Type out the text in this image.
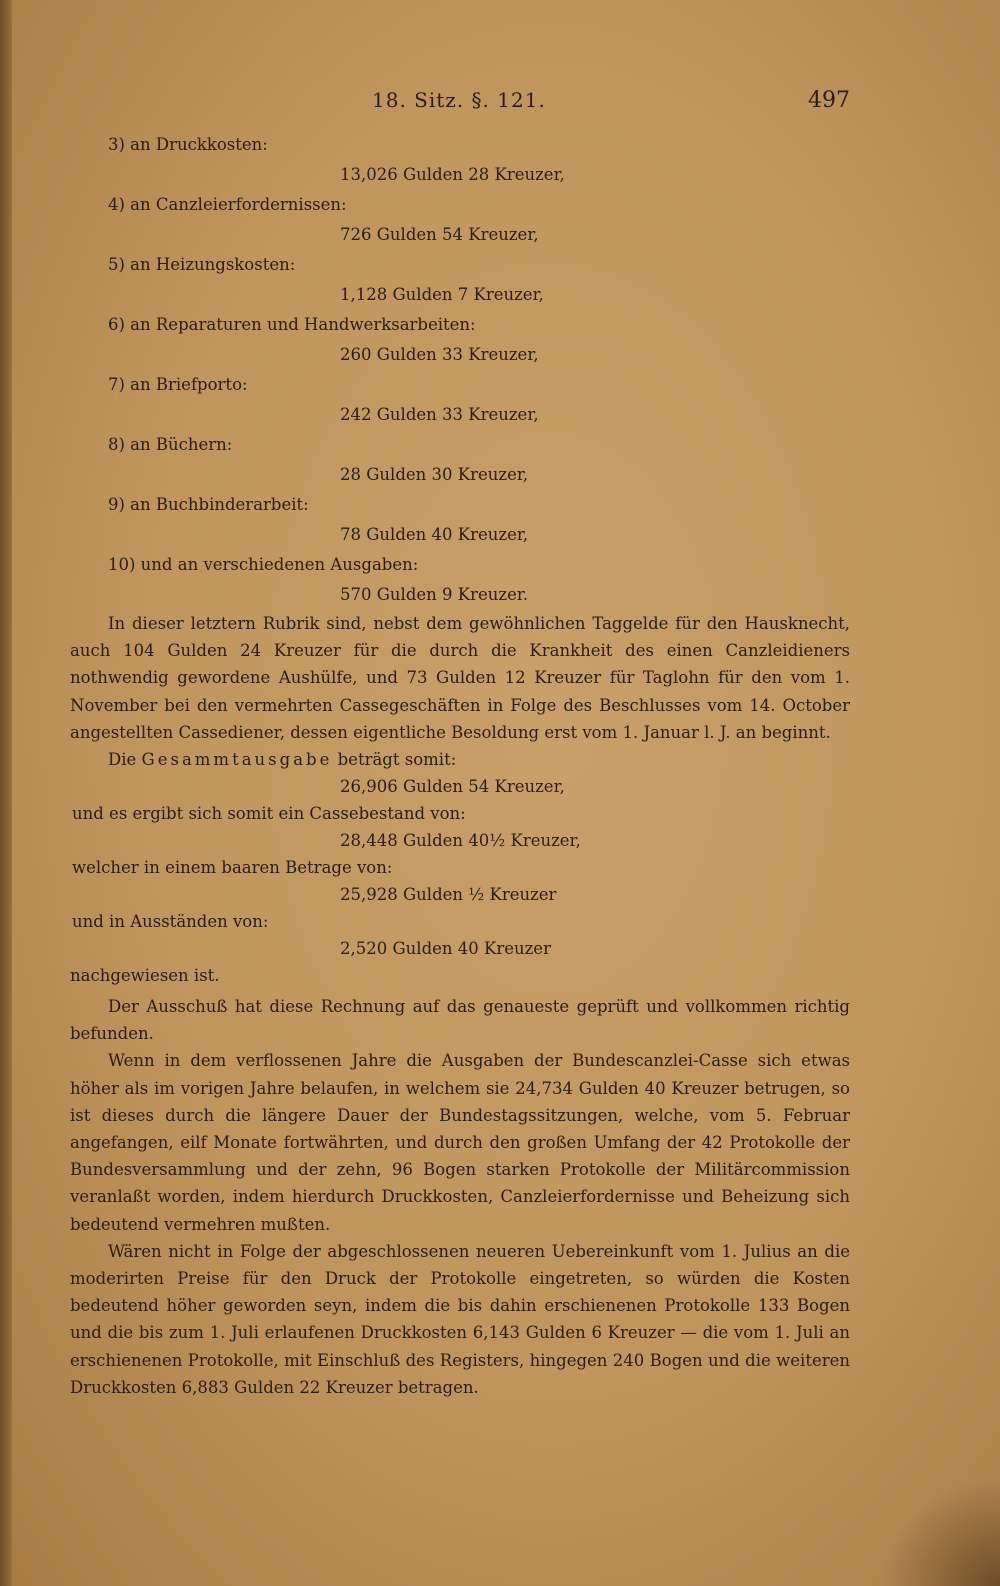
18. Sitz. §. 121.	497
3) an Druckkosten:
13,026 Gulden 28 Kreuzer,
4) an Canzleierfordernissen:
726 Gulden 54 Kreuzer,
5) an Heizungskosten:
1,128 Gulden 7 Kreuzer,
6) an Reparaturen und Handwerksarbeiten:
260 Gulden 33 Kreuzer,
7) an Briefporto:
242 Gulden 33 Kreuzer,
8) an Büchern:
28 Gulden 30 Kreuzer,
9) an Buchbinderarbeit:
78 Gulden 40 Kreuzer,
10) und an verschiedenen Ausgaben:
570 Gulden 9 Kreuzer.

In dieser letztern Rubrik sind, nebst dem gewöhnlichen Taggelde für den Hausknecht, auch 104 Gulden 24 Kreuzer für die durch die Krankheit des einen Canzleidieners nothwendig gewordene Aushülfe, und 73 Gulden 12 Kreuzer für Taglohn für den vom 1. November bei den vermehrten Cassegeschäften in Folge des Beschlusses vom 14. October angestellten Cassediener, dessen eigentliche Besoldung erst vom 1. Januar l. J. an beginnt.

Die Gesammtausgabe beträgt somit:
26,906 Gulden 54 Kreuzer,
und es ergibt sich somit ein Cassebestand von:
28,448 Gulden 40½ Kreuzer,
welcher in einem baaren Betrage von:
25,928 Gulden ½ Kreuzer
und in Ausständen von:
2,520 Gulden 40 Kreuzer
nachgewiesen ist.

Der Ausschuß hat diese Rechnung auf das genaueste geprüft und vollkommen richtig befunden.

Wenn in dem verflossenen Jahre die Ausgaben der Bundescanzlei-Casse sich etwas höher als im vorigen Jahre belaufen, in welchem sie 24,734 Gulden 40 Kreuzer betrugen, so ist dieses durch die längere Dauer der Bundestagssitzungen, welche, vom 5. Februar angefangen, eilf Monate fortwährten, und durch den großen Umfang der 42 Protokolle der Bundesversammlung und der zehn, 96 Bogen starken Protokolle der Militärcommission veranlaßt worden, indem hierdurch Druckkosten, Canzleierfordernisse und Beheizung sich bedeutend vermehren mußten.

Wären nicht in Folge der abgeschlossenen neueren Uebereinkunft vom 1. Julius an die moderirten Preise für den Druck der Protokolle eingetreten, so würden die Kosten bedeutend höher geworden seyn, indem die bis dahin erschienenen Protokolle 133 Bogen und die bis zum 1. Juli erlaufenen Druckkosten 6,143 Gulden 6 Kreuzer — die vom 1. Juli an erschienenen Protokolle, mit Einschluß des Registers, hingegen 240 Bogen und die weiteren Druckkosten 6,883 Gulden 22 Kreuzer betragen.
